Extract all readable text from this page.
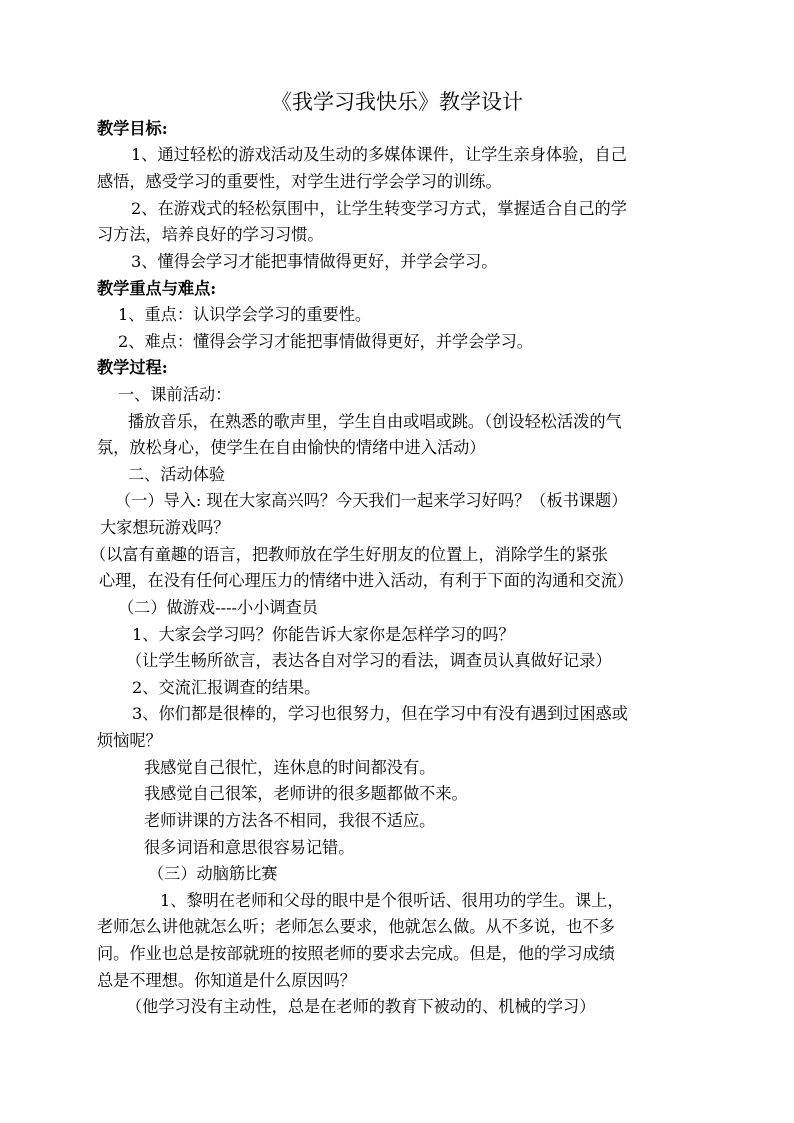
《我学习我快乐》教学设计
教学目标:
1、通过轻松的游戏活动及生动的多媒体课件，让学生亲身体验，自己
感悟，感受学习的重要性，对学生进行学会学习的训练。
2、在游戏式的轻松氛围中，让学生转变学习方式，掌握适合自己的学
习方法，培养良好的学习习惯。
3、懂得会学习才能把事情做得更好，并学会学习。
教学重点与难点:
1、重点：认识学会学习的重要性。
2、难点：懂得会学习才能把事情做得更好，并学会学习。
教学过程:
一、课前活动：
播放音乐，在熟悉的歌声里，学生自由或唱或跳。（创设轻松活泼的气
氛，放松身心，使学生在自由愉快的情绪中进入活动）
二、活动体验
（一）导入: 现在大家高兴吗？今天我们一起来学习好吗？（板书课题）
大家想玩游戏吗？
（以富有童趣的语言，把教师放在学生好朋友的位置上，消除学生的紧张
心理，在没有任何心理压力的情绪中进入活动，有利于下面的沟通和交流）
（二）做游戏----小小调查员
1、大家会学习吗？你能告诉大家你是怎样学习的吗？
（让学生畅所欲言，表达各自对学习的看法，调查员认真做好记录）
2、交流汇报调查的结果。
3、你们都是很棒的，学习也很努力，但在学习中有没有遇到过困惑或
烦恼呢？
我感觉自己很忙，连休息的时间都没有。
我感觉自己很笨，老师讲的很多题都做不来。
老师讲课的方法各不相同，我很不适应。
很多词语和意思很容易记错。
（三）动脑筋比赛
1、黎明在老师和父母的眼中是个很听话、很用功的学生。课上，
老师怎么讲他就怎么听；老师怎么要求，他就怎么做。从不多说，也不多
问。作业也总是按部就班的按照老师的要求去完成。但是，他的学习成绩
总是不理想。你知道是什么原因吗？
（他学习没有主动性，总是在老师的教育下被动的、机械的学习）
